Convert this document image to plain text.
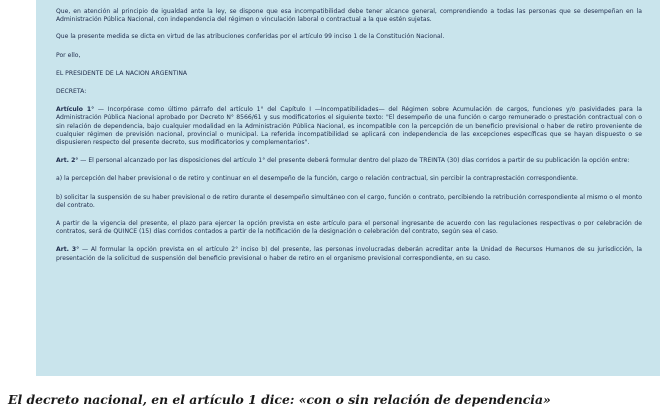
Que, en atención al principio de igualdad ante la ley, se dispone que esa incompatibilidad debe tener alcance general, comprendiendo a todas las personas que se desempeñan en la Administración Pública Nacional, con independencia del régimen o vinculación laboral o contractual a la que estén sujetas.

Que la presente medida se dicta en virtud de las atribuciones conferidas por el artículo 99 inciso 1 de la Constitución Nacional.

Por ello,

EL PRESIDENTE DE LA NACION ARGENTINA

DECRETA:

Artículo 1° — Incorpórase como último párrafo del artículo 1° del Capítulo I —Incompatibilidades— del Régimen sobre Acumulación de cargos, funciones y/o pasividades para la Administración Pública Nacional aprobado por Decreto N° 8566/61 y sus modificatorios el siguiente texto: "El desempeño de una función o cargo remunerado o prestación contractual con o sin relación de dependencia, bajo cualquier modalidad en la Administración Pública Nacional, es incompatible con la percepción de un beneficio previsional o haber de retiro proveniente de cualquier régimen de previsión nacional, provincial o municipal. La referida incompatibilidad se aplicará con independencia de las excepciones específicas que se hayan dispuesto o se dispusieren respecto del presente decreto, sus modificatorios y complementarios".

Art. 2° — El personal alcanzado por las disposiciones del artículo 1° del presente deberá formular dentro del plazo de TREINTA (30) días corridos a partir de su publicación la opción entre:

a) la percepción del haber previsional o de retiro y continuar en el desempeño de la función, cargo o relación contractual, sin percibir la contraprestación correspondiente.

b) solicitar la suspensión de su haber previsional o de retiro durante el desempeño simultáneo con el cargo, función o contrato, percibiendo la retribución correspondiente al mismo o el monto del contrato.

A partir de la vigencia del presente, el plazo para ejercer la opción prevista en este artículo para el personal ingresante de acuerdo con las regulaciones respectivas o por celebración de contratos, será de QUINCE (15) días corridos contados a partir de la notificación de la designación o celebración del contrato, según sea el caso.

Art. 3° — Al formular la opción prevista en el artículo 2° inciso b) del presente, las personas involucradas deberán acreditar ante la Unidad de Recursos Humanos de su jurisdicción, la presentación de la solicitud de suspensión del beneficio previsional o haber de retiro en el organismo previsional correspondiente, en su caso.

El decreto nacional, en el artículo 1 dice: «con o sin relación de dependencia»
